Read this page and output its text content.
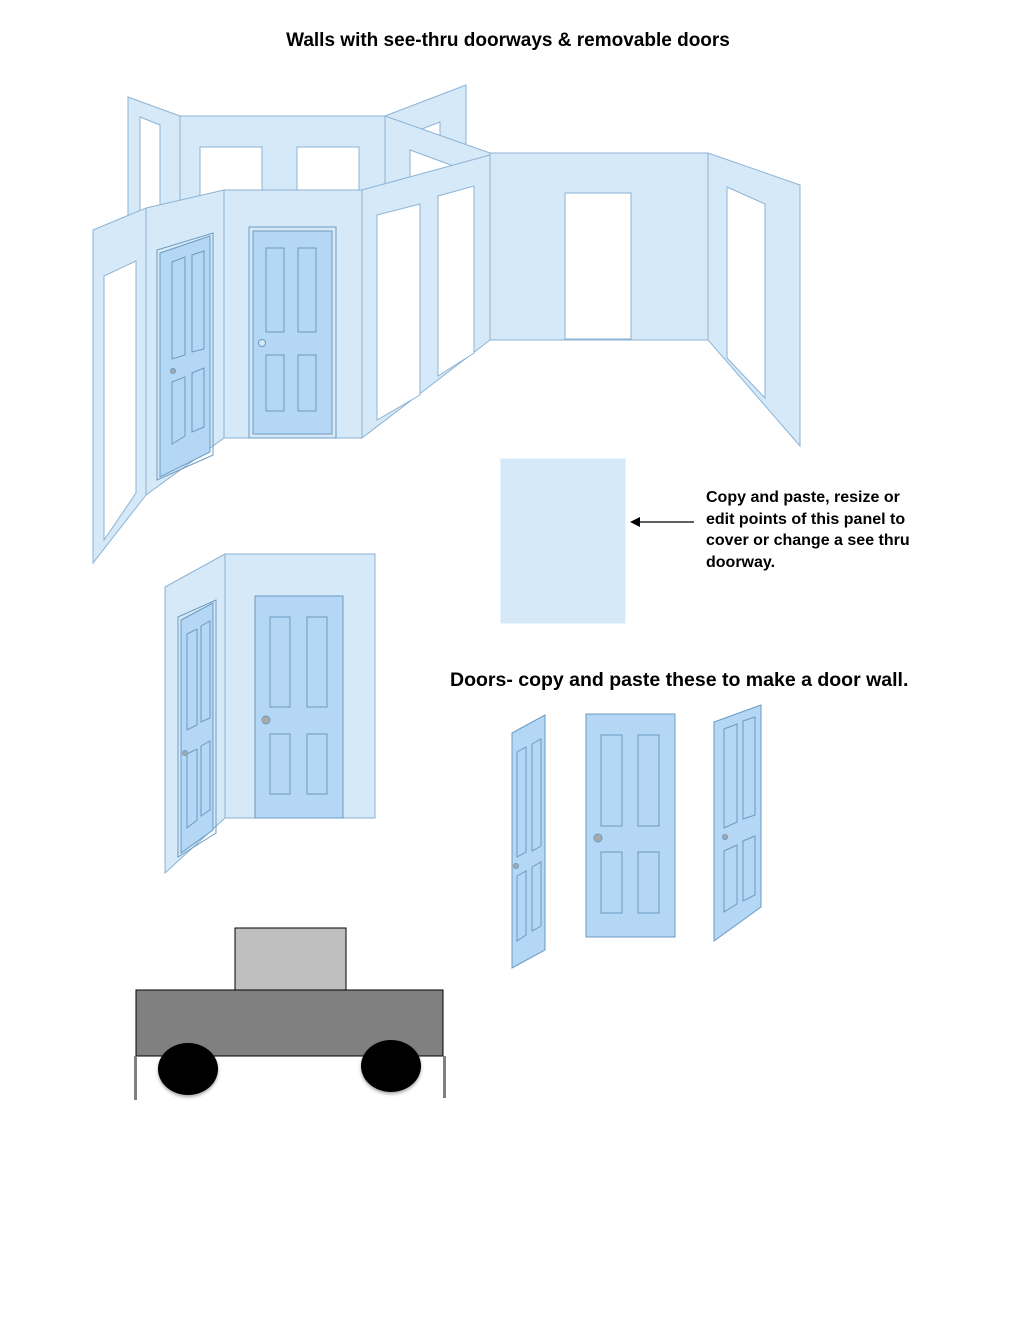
Walls with see-thru doorways & removable doors
Copy and paste, resize or edit points of this panel to cover or change a see thru doorway.
Doors- copy and paste these to make a door wall.
